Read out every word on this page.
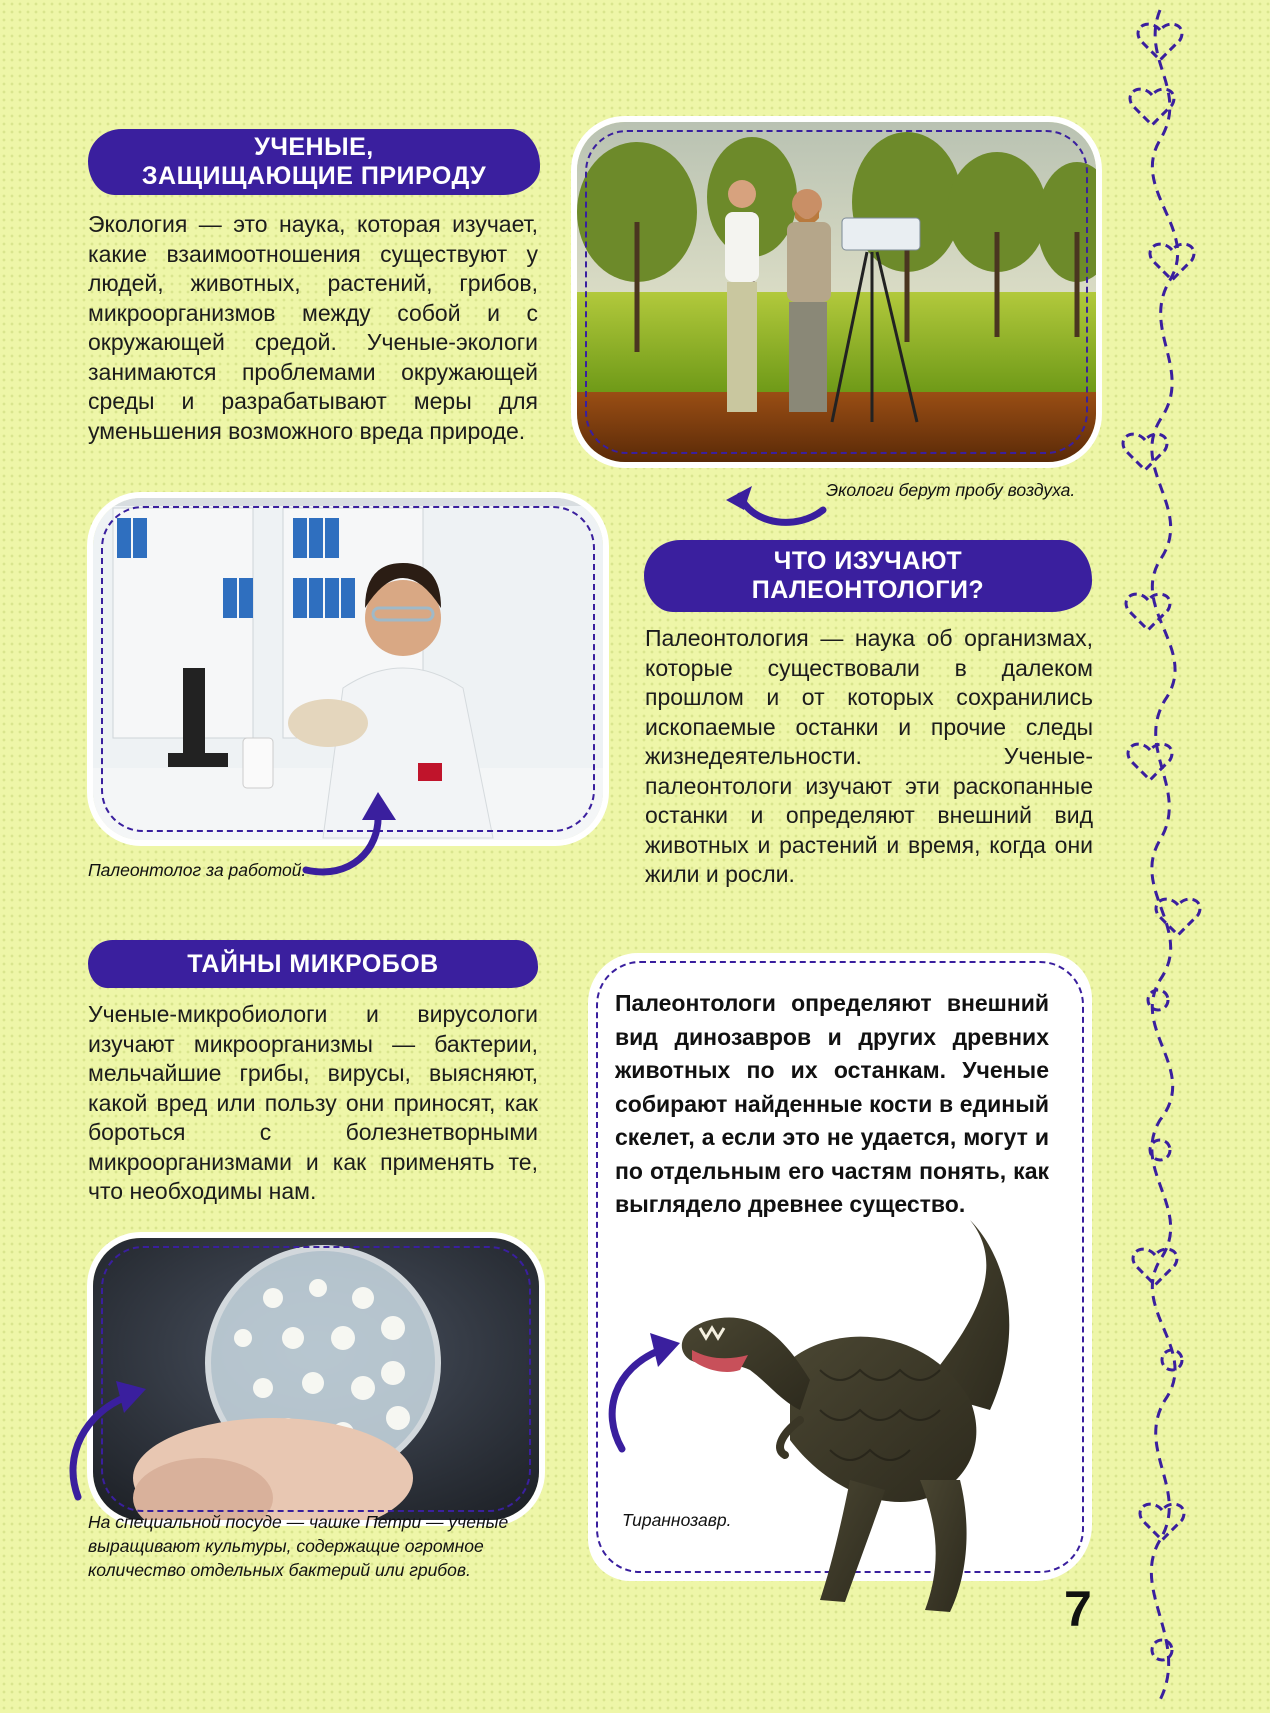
УЧЕНЫЕ,
ЗАЩИЩАЮЩИЕ ПРИРОДУ

Экология — это наука, которая изучает, какие взаимоотношения существуют у людей, животных, растений, грибов, микроорганизмов между собой и с окружающей средой. Ученые-экологи занимаются проблемами окружающей среды и разрабатывают меры для уменьшения возможного вреда природе.

Экологи берут пробу воздуха.
Палеонтолог за работой.
ЧТО ИЗУЧАЮТ
ПАЛЕОНТОЛОГИ?

Палеонтология — наука об организмах, которые существовали в далеком прошлом и от которых сохранились ископаемые останки и прочие следы жизнедеятельности. Ученые-палеонтологи изучают эти раскопанные останки и определяют внешний вид животных и растений и время, когда они жили и росли.

ТАЙНЫ МИКРОБОВ

Ученые-микробиологи и вирусологи изучают микроорганизмы — бактерии, мельчайшие грибы, вирусы, выясняют, какой вред или пользу они приносят, как бороться с болезнетворными микроорганизмами и как применять те, что необходимы нам.

На специальной посуде — чашке Петри — ученые выращивают культуры, содержащие огромное количество отдельных бактерий или грибов.

Палеонтологи определяют внешний вид динозавров и других древних животных по их останкам. Ученые собирают найденные кости в единый скелет, а если это не удается, могут и по отдельным его частям понять, как выглядело древнее существо.

Тираннозавр.
7
